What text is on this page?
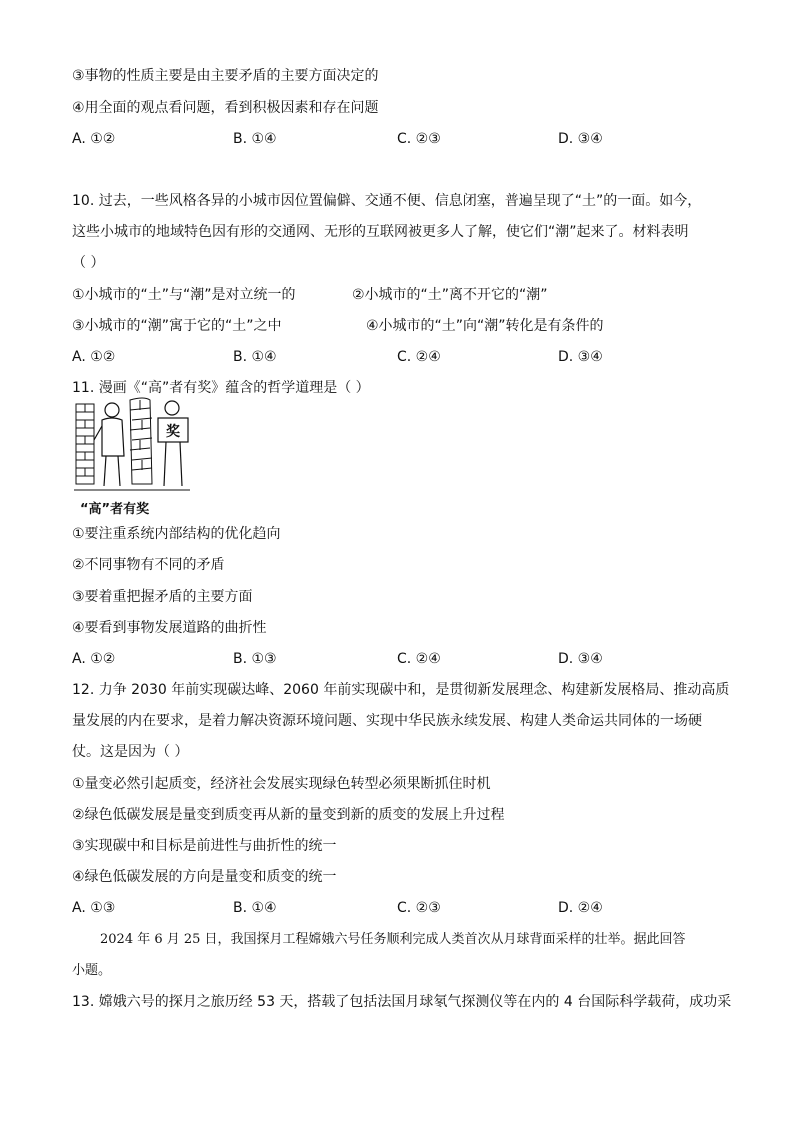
③事物的性质主要是由主要矛盾的主要方面决定的
④用全面的观点看问题，看到积极因素和存在问题
A. ①②	B. ①④	C. ②③	D. ③④
10. 过去，一些风格各异的小城市因位置偏僻、交通不便、信息闭塞，普遍呈现了“土”的一面。如今，
这些小城市的地域特色因有形的交通网、无形的互联网被更多人了解，使它们“潮”起来了。材料表明
（ ）
①小城市的“土”与“潮”是对立统一的	②小城市的“土”离不开它的“潮”
③小城市的“潮”寓于它的“土”之中	④小城市的“土”向“潮”转化是有条件的
A. ①②	B. ①④	C. ②④	D. ③④
11. 漫画《“高”者有奖》蕴含的哲学道理是（ ）
奖
“高”者有奖
①要注重系统内部结构的优化趋向
②不同事物有不同的矛盾
③要着重把握矛盾的主要方面
④要看到事物发展道路的曲折性
A. ①②	B. ①③	C. ②④	D. ③④
12. 力争 2030 年前实现碳达峰、2060 年前实现碳中和，是贯彻新发展理念、构建新发展格局、推动高质
量发展的内在要求，是着力解决资源环境问题、实现中华民族永续发展、构建人类命运共同体的一场硬
仗。这是因为（ ）
①量变必然引起质变，经济社会发展实现绿色转型必须果断抓住时机
②绿色低碳发展是量变到质变再从新的量变到新的质变的发展上升过程
③实现碳中和目标是前进性与曲折性的统一
④绿色低碳发展的方向是量变和质变的统一
A. ①③	B. ①④	C. ②③	D. ②④
2024 年 6 月 25 日，我国探月工程嫦娥六号任务顺利完成人类首次从月球背面采样的壮举。据此回答
小题。
13. 嫦娥六号的探月之旅历经 53 天，搭载了包括法国月球氡气探测仪等在内的 4 台国际科学载荷，成功采
